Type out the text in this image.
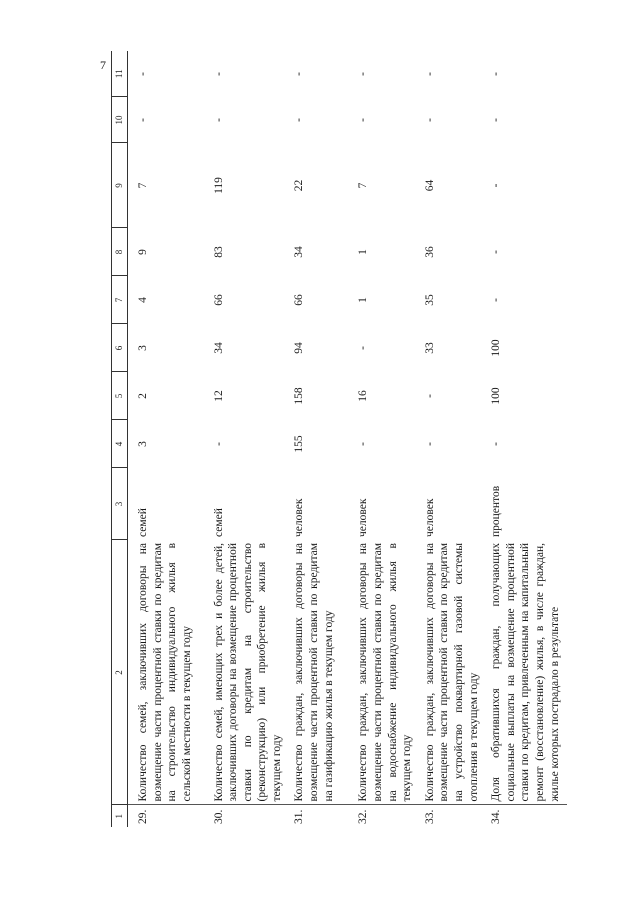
7
1	2	3	4	5	6	7	8	9	10	11
29.	Количество семей, заключивших договоры на возмещение части процентной ставки по кредитам на строительство индивидуального жилья в сельской местности в текущем году	семей	3	2	3	4	9	7	-	-
30.	Количество семей, имеющих трех и более детей, заключивших договоры на возмещение процентной ставки по кредитам на строительство (реконструкцию) или приобретение жилья в текущем году	семей	-	12	34	66	83	119	-	-
31.	Количество граждан, заключивших договоры на возмещение части процентной ставки по кредитам на газификацию жилья в текущем году	человек	155	158	94	66	34	22	-	-
32.	Количество граждан, заключивших договоры на возмещение части процентной ставки по кредитам на водоснабжение индивидуального жилья в текущем году	человек	-	16	-	1	1	7	-	-
33.	Количество граждан, заключивших договоры на возмещение части процентной ставки по кредитам на устройство поквартирной газовой системы отопления в текущем году	человек	-	-	33	35	36	64	-	-
34.	Доля обратившихся граждан, получающих социальные выплаты на возмещение процентной ставки по кредитам, привлеченным на капитальный ремонт (восстановление) жилья, в числе граждан, жилье которых пострадало в результате	процентов	-	100	100	-	-	-	-	-
